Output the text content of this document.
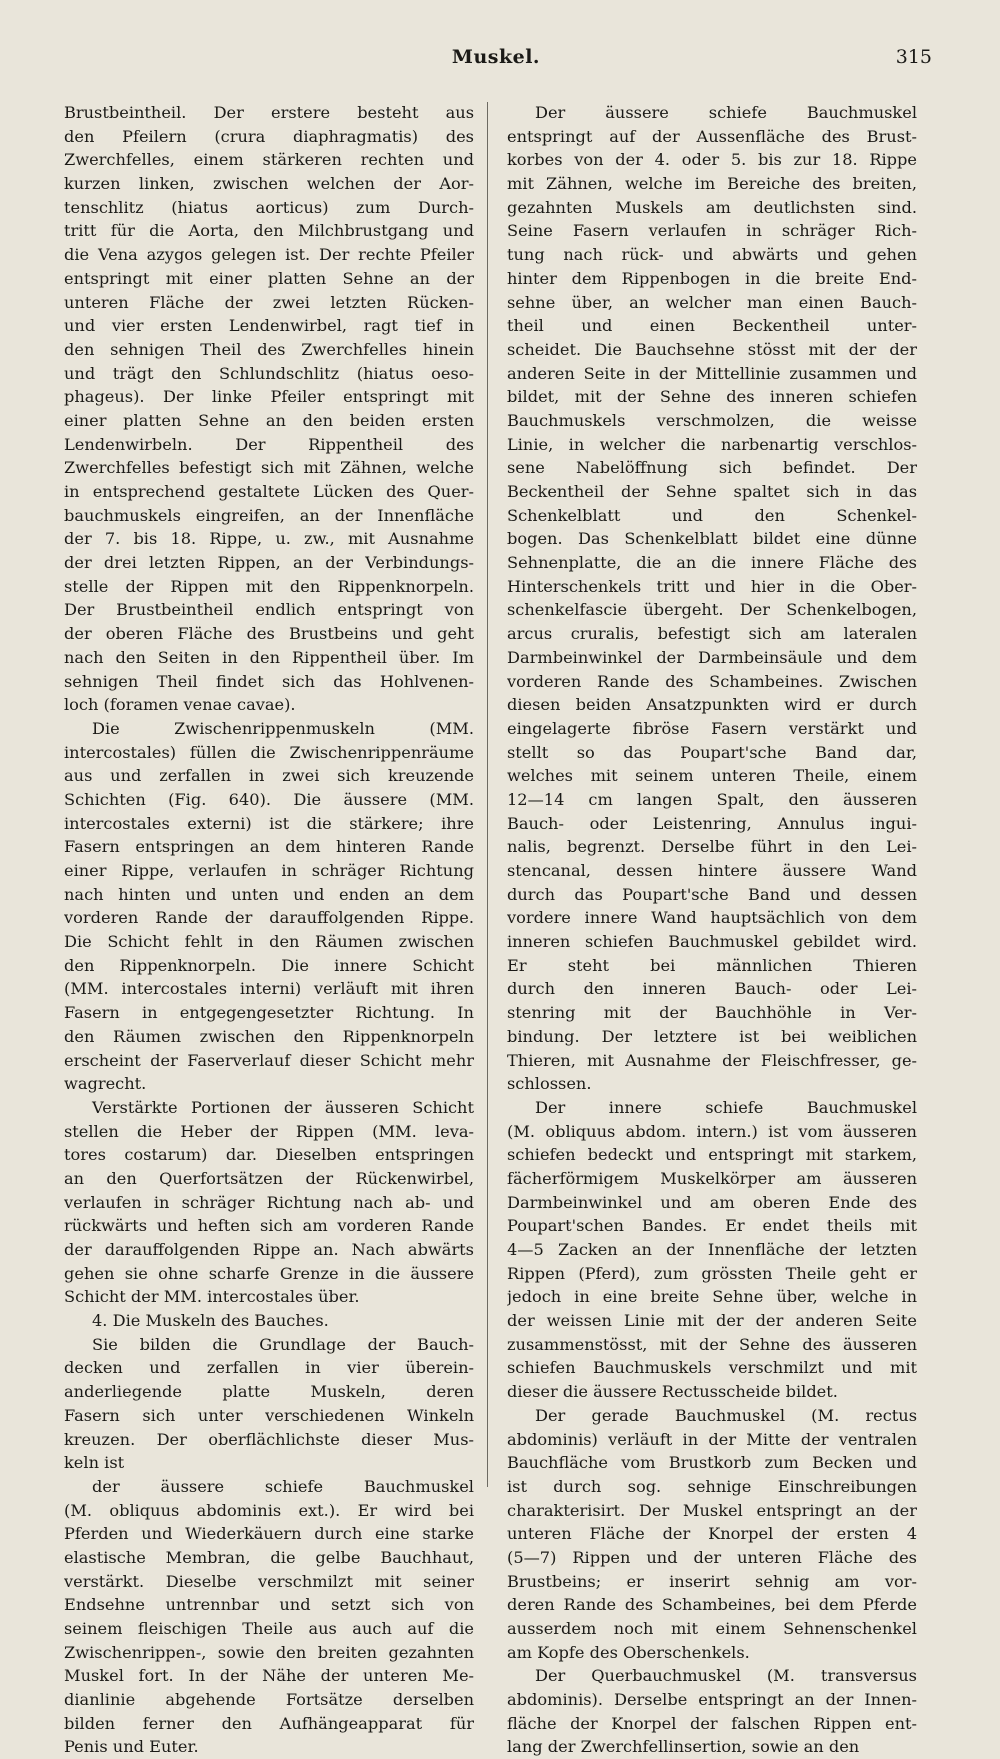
Muskel.	315
Brustbeintheil. Der erstere besteht aus
den Pfeilern (crura diaphragmatis) des
Zwerchfelles, einem stärkeren rechten und
kurzen linken, zwischen welchen der Aor-
tenschlitz (hiatus aorticus) zum Durch-
tritt für die Aorta, den Milchbrustgang und
die Vena azygos gelegen ist. Der rechte Pfeiler
entspringt mit einer platten Sehne an der
unteren Fläche der zwei letzten Rücken-
und vier ersten Lendenwirbel, ragt tief in
den sehnigen Theil des Zwerchfelles hinein
und trägt den Schlundschlitz (hiatus oeso-
phageus). Der linke Pfeiler entspringt mit
einer platten Sehne an den beiden ersten
Lendenwirbeln. Der Rippentheil des
Zwerchfelles befestigt sich mit Zähnen, welche
in entsprechend gestaltete Lücken des Quer-
bauchmuskels eingreifen, an der Innenfläche
der 7. bis 18. Rippe, u. zw., mit Ausnahme
der drei letzten Rippen, an der Verbindungs-
stelle der Rippen mit den Rippenknorpeln.
Der Brustbeintheil endlich entspringt von
der oberen Fläche des Brustbeins und geht
nach den Seiten in den Rippentheil über. Im
sehnigen Theil findet sich das Hohlvenen-
loch (foramen venae cavae).
Die Zwischenrippenmuskeln (MM.
intercostales) füllen die Zwischenrippenräume
aus und zerfallen in zwei sich kreuzende
Schichten (Fig. 640). Die äussere (MM.
intercostales externi) ist die stärkere; ihre
Fasern entspringen an dem hinteren Rande
einer Rippe, verlaufen in schräger Richtung
nach hinten und unten und enden an dem
vorderen Rande der darauffolgenden Rippe.
Die Schicht fehlt in den Räumen zwischen
den Rippenknorpeln. Die innere Schicht
(MM. intercostales interni) verläuft mit ihren
Fasern in entgegengesetzter Richtung. In
den Räumen zwischen den Rippenknorpeln
erscheint der Faserverlauf dieser Schicht mehr
wagrecht.
Verstärkte Portionen der äusseren Schicht
stellen die Heber der Rippen (MM. leva-
tores costarum) dar. Dieselben entspringen
an den Querfortsätzen der Rückenwirbel,
verlaufen in schräger Richtung nach ab- und
rückwärts und heften sich am vorderen Rande
der darauffolgenden Rippe an. Nach abwärts
gehen sie ohne scharfe Grenze in die äussere
Schicht der MM. intercostales über.
4. Die Muskeln des Bauches.
Sie bilden die Grundlage der Bauch-
decken und zerfallen in vier überein-
anderliegende platte Muskeln, deren
Fasern sich unter verschiedenen Winkeln
kreuzen. Der oberflächlichste dieser Mus-
keln ist
der äussere schiefe Bauchmuskel
(M. obliquus abdominis ext.). Er wird bei
Pferden und Wiederkäuern durch eine starke
elastische Membran, die gelbe Bauchhaut,
verstärkt. Dieselbe verschmilzt mit seiner
Endsehne untrennbar und setzt sich von
seinem fleischigen Theile aus auch auf die
Zwischenrippen-, sowie den breiten gezahnten
Muskel fort. In der Nähe der unteren Me-
dianlinie abgehende Fortsätze derselben
bilden ferner den Aufhängeapparat für
Penis und Euter.
Der äussere schiefe Bauchmuskel
entspringt auf der Aussenfläche des Brust-
korbes von der 4. oder 5. bis zur 18. Rippe
mit Zähnen, welche im Bereiche des breiten,
gezahnten Muskels am deutlichsten sind.
Seine Fasern verlaufen in schräger Rich-
tung nach rück- und abwärts und gehen
hinter dem Rippenbogen in die breite End-
sehne über, an welcher man einen Bauch-
theil und einen Beckentheil unter-
scheidet. Die Bauchsehne stösst mit der der
anderen Seite in der Mittellinie zusammen und
bildet, mit der Sehne des inneren schiefen
Bauchmuskels verschmolzen, die weisse
Linie, in welcher die narbenartig verschlos-
sene Nabelöffnung sich befindet. Der
Beckentheil der Sehne spaltet sich in das
Schenkelblatt und den Schenkel-
bogen. Das Schenkelblatt bildet eine dünne
Sehnenplatte, die an die innere Fläche des
Hinterschenkels tritt und hier in die Ober-
schenkelfascie übergeht. Der Schenkelbogen,
arcus cruralis, befestigt sich am lateralen
Darmbeinwinkel der Darmbeinsäule und dem
vorderen Rande des Schambeines. Zwischen
diesen beiden Ansatzpunkten wird er durch
eingelagerte fibröse Fasern verstärkt und
stellt so das Poupart'sche Band dar,
welches mit seinem unteren Theile, einem
12—14 cm langen Spalt, den äusseren
Bauch- oder Leistenring, Annulus ingui-
nalis, begrenzt. Derselbe führt in den Lei-
stencanal, dessen hintere äussere Wand
durch das Poupart'sche Band und dessen
vordere innere Wand hauptsächlich von dem
inneren schiefen Bauchmuskel gebildet wird.
Er steht bei männlichen Thieren
durch den inneren Bauch- oder Lei-
stenring mit der Bauchhöhle in Ver-
bindung. Der letztere ist bei weiblichen
Thieren, mit Ausnahme der Fleischfresser, ge-
schlossen.
Der innere schiefe Bauchmuskel
(M. obliquus abdom. intern.) ist vom äusseren
schiefen bedeckt und entspringt mit starkem,
fächerförmigem Muskelkörper am äusseren
Darmbeinwinkel und am oberen Ende des
Poupart'schen Bandes. Er endet theils mit
4—5 Zacken an der Innenfläche der letzten
Rippen (Pferd), zum grössten Theile geht er
jedoch in eine breite Sehne über, welche in
der weissen Linie mit der der anderen Seite
zusammenstösst, mit der Sehne des äusseren
schiefen Bauchmuskels verschmilzt und mit
dieser die äussere Rectusscheide bildet.
Der gerade Bauchmuskel (M. rectus
abdominis) verläuft in der Mitte der ventralen
Bauchfläche vom Brustkorb zum Becken und
ist durch sog. sehnige Einschreibungen
charakterisirt. Der Muskel entspringt an der
unteren Fläche der Knorpel der ersten 4
(5—7) Rippen und der unteren Fläche des
Brustbeins; er inserirt sehnig am vor-
deren Rande des Schambeines, bei dem Pferde
ausserdem noch mit einem Sehnenschenkel
am Kopfe des Oberschenkels.
Der Querbauchmuskel (M. transversus
abdominis). Derselbe entspringt an der Innen-
fläche der Knorpel der falschen Rippen ent-
lang der Zwerchfellinsertion, sowie an den
